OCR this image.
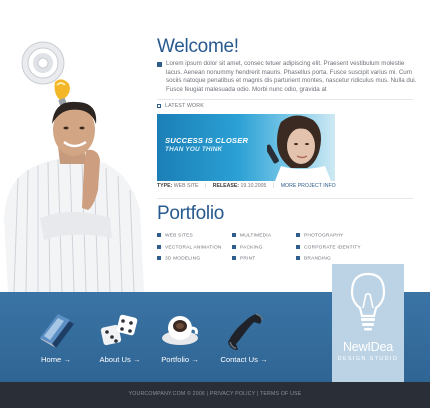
Welcome!

Lorem ipsum dolor sit amet, consec tetuer adipiscing elit. Praesent vestibulum molestie lacus. Aenean nonummy hendrerit mauris. Phasellus porta. Fusce suscipit varius mi. Cum sociis natoque penatibus et magnis dis parturient montes, nascetur ridiculus mus. Nulla dui. Fusce feugiat malesuada odio. Morbi nunc odio, gravida at

LATEST WORK
SUCCESS IS CLOSER
THAN YOU THINK
TYPE: WEB SITE | RELEASE: 19.10.2005 | MORE PROJECT INFO
Portfolio
WEB SITES
VECTORAL ANIMATION
3D MODELING
MULTIMEDIA
PACKING
PRINT
PHOTOGRAPHY
CORPORATE IDENTITY
BRANDING
Home →	About Us →	Portfolio →	Contact Us →
NewIDea
DESIGN STUDIO
YOURCOMPANY.COM © 2006 | PRIVACY POLICY | TERMS OF USE
